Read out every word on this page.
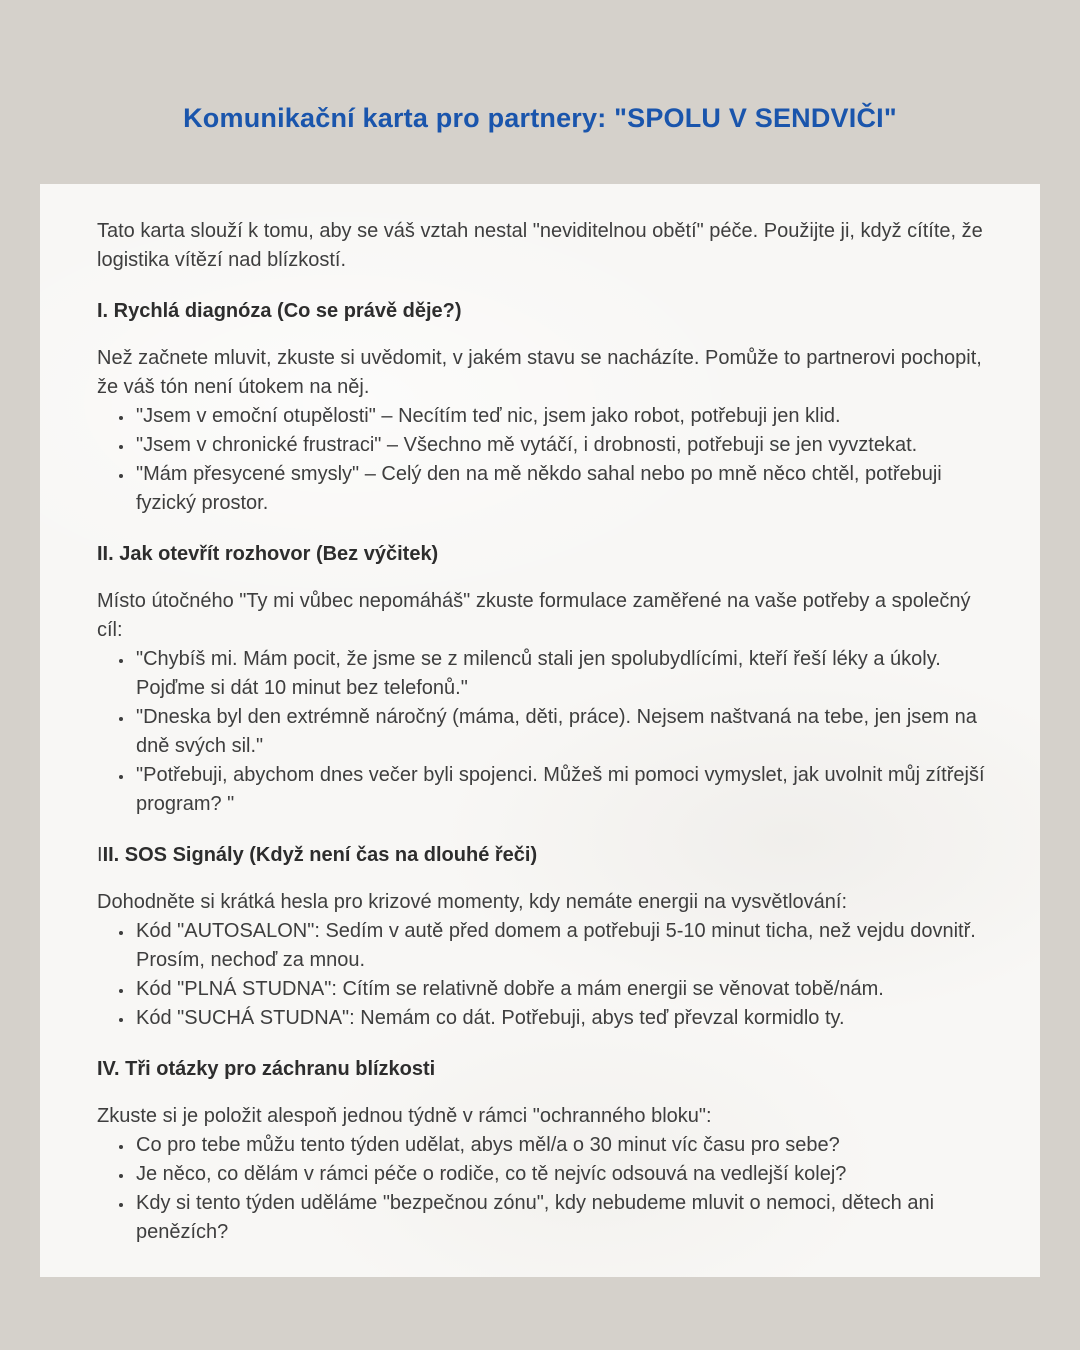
Komunikační karta pro partnery: "SPOLU V SENDVIČI"

Tato karta slouží k tomu, aby se váš vztah nestal "neviditelnou obětí" péče. Použijte ji, když cítíte, že logistika vítězí nad blízkostí.

I. Rychlá diagnóza (Co se právě děje?)

Než začnete mluvit, zkuste si uvědomit, v jakém stavu se nacházíte. Pomůže to partnerovi pochopit, že váš tón není útokem na něj.

• "Jsem v emoční otupělosti" – Necítím teď nic, jsem jako robot, potřebuji jen klid.
• "Jsem v chronické frustraci" – Všechno mě vytáčí, i drobnosti, potřebuji se jen vyvztekat.
• "Mám přesycené smysly" – Celý den na mě někdo sahal nebo po mně něco chtěl, potřebuji fyzický prostor.
II. Jak otevřít rozhovor (Bez výčitek)

Místo útočného "Ty mi vůbec nepomáháš" zkuste formulace zaměřené na vaše potřeby a společný cíl:

• "Chybíš mi. Mám pocit, že jsme se z milenců stali jen spolubydlícími, kteří řeší léky a úkoly. Pojďme si dát 10 minut bez telefonů."
• "Dneska byl den extrémně náročný (máma, děti, práce). Nejsem naštvaná na tebe, jen jsem na dně svých sil."
• "Potřebuji, abychom dnes večer byli spojenci. Můžeš mi pomoci vymyslet, jak uvolnit můj zítřejší program? "
III. SOS Signály (Když není čas na dlouhé řeči)

Dohodněte si krátká hesla pro krizové momenty, kdy nemáte energii na vysvětlování:

• Kód "AUTOSALON": Sedím v autě před domem a potřebuji 5-10 minut ticha, než vejdu dovnitř. Prosím, nechoď za mnou.
• Kód "PLNÁ STUDNA": Cítím se relativně dobře a mám energii se věnovat tobě/nám.
• Kód "SUCHÁ STUDNA": Nemám co dát. Potřebuji, abys teď převzal kormidlo ty.
IV. Tři otázky pro záchranu blízkosti

Zkuste si je položit alespoň jednou týdně v rámci "ochranného bloku":

• Co pro tebe můžu tento týden udělat, abys měl/a o 30 minut víc času pro sebe?
• Je něco, co dělám v rámci péče o rodiče, co tě nejvíc odsouvá na vedlejší kolej?
• Kdy si tento týden uděláme "bezpečnou zónu", kdy nebudeme mluvit o nemoci, dětech ani penězích?
